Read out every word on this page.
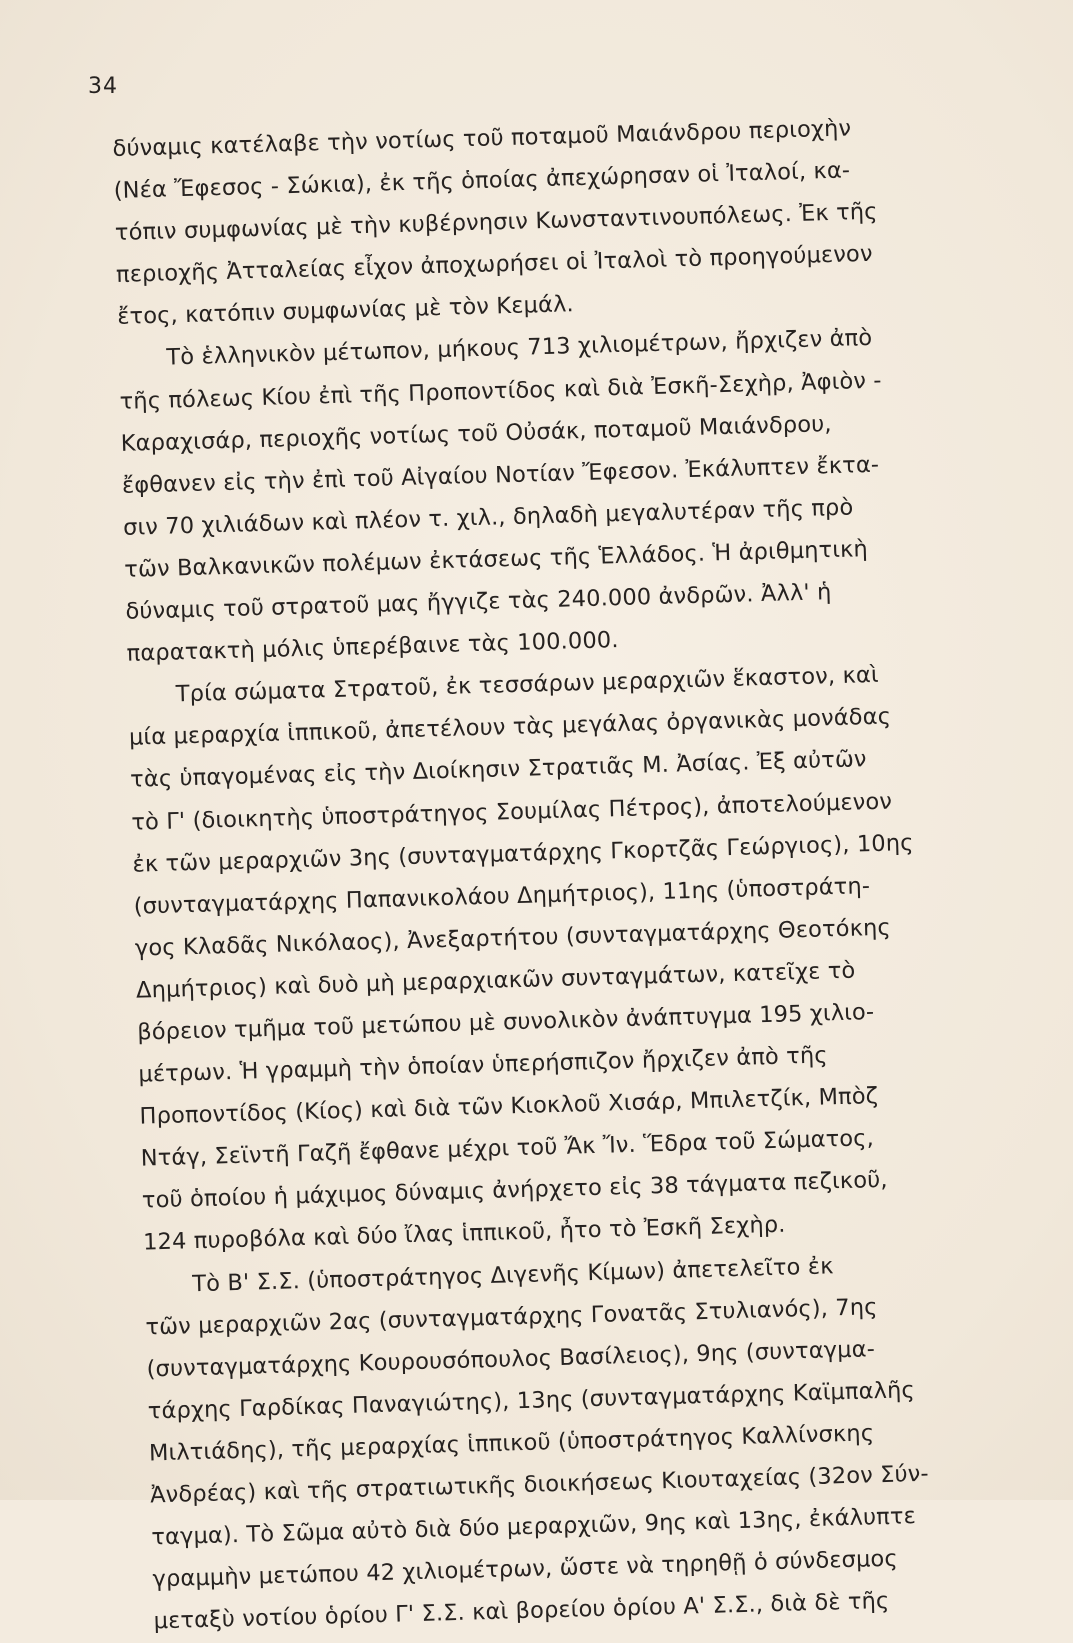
34
δύναμις κατέλαβε τὴν νοτίως τοῦ ποταμοῦ Μαιάνδρου περιοχὴν
(Νέα Ἔφεσος - Σώκια), ἐκ τῆς ὁποίας ἀπεχώρησαν οἱ Ἰταλοί, κα-
τόπιν συμφωνίας μὲ τὴν κυβέρνησιν Κωνσταντινουπόλεως. Ἐκ τῆς
περιοχῆς Ἀτταλείας εἶχον ἀποχωρήσει οἱ Ἰταλοὶ τὸ προηγούμενον
ἔτος, κατόπιν συμφωνίας μὲ τὸν Κεμάλ.
Τὸ ἑλληνικὸν μέτωπον, μήκους 713 χιλιομέτρων, ἤρχιζεν ἀπὸ
τῆς πόλεως Κίου ἐπὶ τῆς Προποντίδος καὶ διὰ Ἐσκῆ-Σεχὴρ, Ἀφιὸν -
Καραχισάρ, περιοχῆς νοτίως τοῦ Οὐσάκ, ποταμοῦ Μαιάνδρου,
ἔφθανεν εἰς τὴν ἐπὶ τοῦ Αἰγαίου Νοτίαν Ἔφεσον. Ἐκάλυπτεν ἔκτα-
σιν 70 χιλιάδων καὶ πλέον τ. χιλ., δηλαδὴ μεγαλυτέραν τῆς πρὸ
τῶν Βαλκανικῶν πολέμων ἐκτάσεως τῆς Ἑλλάδος. Ἡ ἀριθμητικὴ
δύναμις τοῦ στρατοῦ μας ἤγγιζε τὰς 240.000 ἀνδρῶν. Ἀλλ' ἡ
παρατακτὴ μόλις ὑπερέβαινε τὰς 100.000.
Τρία σώματα Στρατοῦ, ἐκ τεσσάρων μεραρχιῶν ἕκαστον, καὶ
μία μεραρχία ἱππικοῦ, ἀπετέλουν τὰς μεγάλας ὀργανικὰς μονάδας
τὰς ὑπαγομένας εἰς τὴν Διοίκησιν Στρατιᾶς Μ. Ἀσίας. Ἐξ αὐτῶν
τὸ Γ' (διοικητὴς ὑποστράτηγος Σουμίλας Πέτρος), ἀποτελούμενον
ἐκ τῶν μεραρχιῶν 3ης (συνταγματάρχης Γκορτζᾶς Γεώργιος), 10ης
(συνταγματάρχης Παπανικολάου Δημήτριος), 11ης (ὑποστράτη-
γος Κλαδᾶς Νικόλαος), Ἀνεξαρτήτου (συνταγματάρχης Θεοτόκης
Δημήτριος) καὶ δυὸ μὴ μεραρχιακῶν συνταγμάτων, κατεῖχε τὸ
βόρειον τμῆμα τοῦ μετώπου μὲ συνολικὸν ἀνάπτυγμα 195 χιλιο-
μέτρων. Ἡ γραμμὴ τὴν ὁποίαν ὑπερήσπιζον ἤρχιζεν ἀπὸ τῆς
Προποντίδος (Κίος) καὶ διὰ τῶν Κιοκλοῦ Χισάρ, Μπιλετζίκ, Μπὸζ
Ντάγ, Σεϊντῆ Γαζῆ ἔφθανε μέχρι τοῦ Ἄκ Ἴν. Ἕδρα τοῦ Σώματος,
τοῦ ὁποίου ἡ μάχιμος δύναμις ἀνήρχετο εἰς 38 τάγματα πεζικοῦ,
124 πυροβόλα καὶ δύο ἴλας ἱππικοῦ, ἦτο τὸ Ἐσκῆ Σεχὴρ.
Τὸ Β' Σ.Σ. (ὑποστράτηγος Διγενῆς Κίμων) ἀπετελεῖτο ἐκ
τῶν μεραρχιῶν 2ας (συνταγματάρχης Γονατᾶς Στυλιανός), 7ης
(συνταγματάρχης Κουρουσόπουλος Βασίλειος), 9ης (συνταγμα-
τάρχης Γαρδίκας Παναγιώτης), 13ης (συνταγματάρχης Καϊμπαλῆς
Μιλτιάδης), τῆς μεραρχίας ἱππικοῦ (ὑποστράτηγος Καλλίνσκης
Ἀνδρέας) καὶ τῆς στρατιωτικῆς διοικήσεως Κιουταχείας (32ον Σύν-
ταγμα). Τὸ Σῶμα αὐτὸ διὰ δύο μεραρχιῶν, 9ης καὶ 13ης, ἐκάλυπτε
γραμμὴν μετώπου 42 χιλιομέτρων, ὥστε νὰ τηρηθῇ ὁ σύνδεσμος
μεταξὺ νοτίου ὁρίου Γ' Σ.Σ. καὶ βορείου ὁρίου Α' Σ.Σ., διὰ δὲ τῆς
